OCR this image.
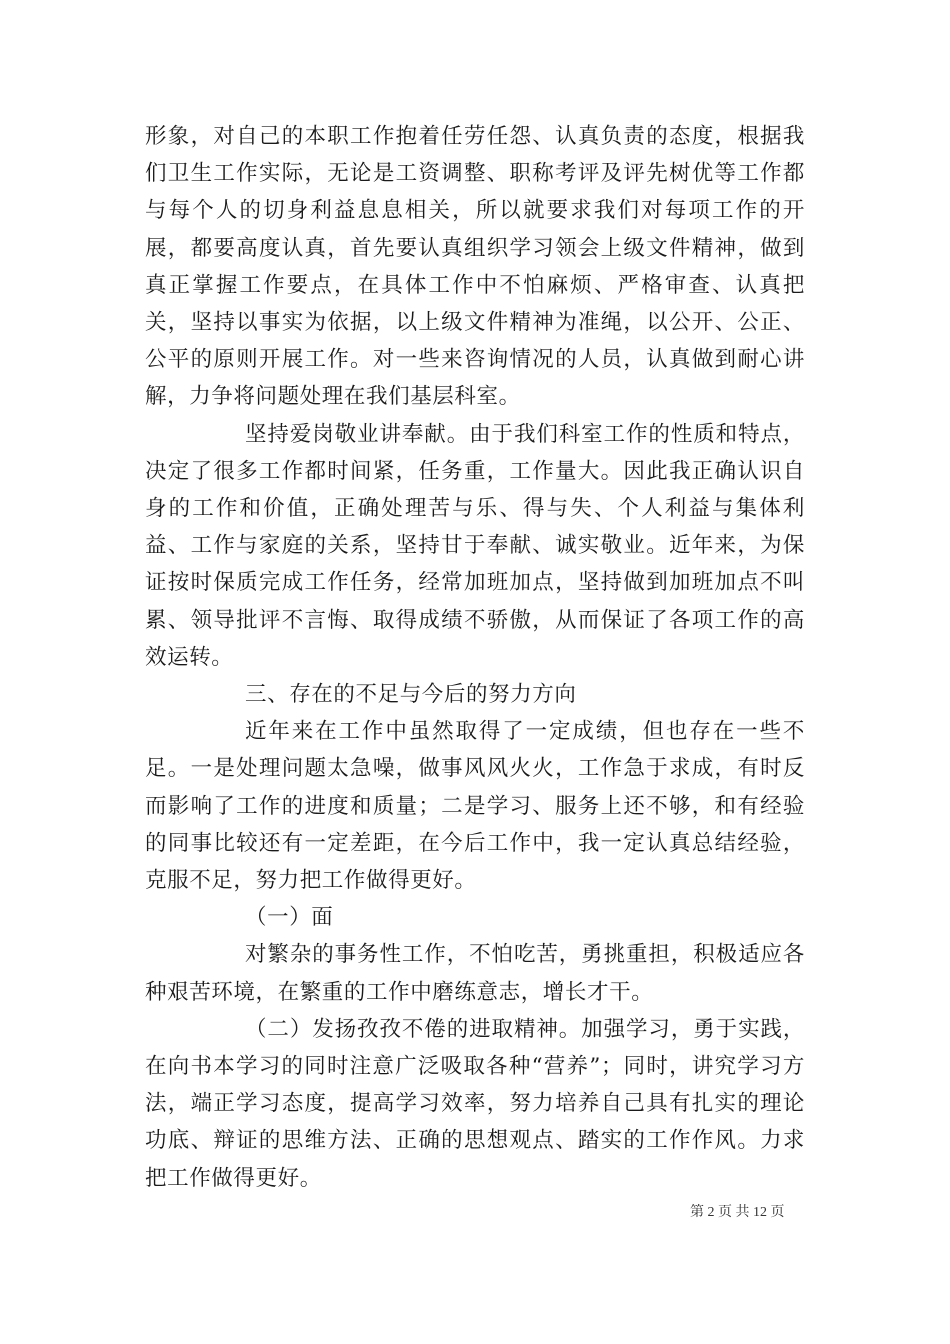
形象，对自己的本职工作抱着任劳任怨、认真负责的态度，根据我们卫生工作实际，无论是工资调整、职称考评及评先树优等工作都与每个人的切身利益息息相关，所以就要求我们对每项工作的开展，都要高度认真，首先要认真组织学习领会上级文件精神，做到真正掌握工作要点，在具体工作中不怕麻烦、严格审查、认真把关，坚持以事实为依据，以上级文件精神为准绳，以公开、公正、公平的原则开展工作。对一些来咨询情况的人员，认真做到耐心讲解，力争将问题处理在我们基层科室。

坚持爱岗敬业讲奉献。由于我们科室工作的性质和特点，决定了很多工作都时间紧，任务重，工作量大。因此我正确认识自身的工作和价值，正确处理苦与乐、得与失、个人利益与集体利益、工作与家庭的关系，坚持甘于奉献、诚实敬业。近年来，为保证按时保质完成工作任务，经常加班加点，坚持做到加班加点不叫累、领导批评不言悔、取得成绩不骄傲，从而保证了各项工作的高效运转。

三、存在的不足与今后的努力方向

近年来在工作中虽然取得了一定成绩，但也存在一些不足。一是处理问题太急噪，做事风风火火，工作急于求成，有时反而影响了工作的进度和质量；二是学习、服务上还不够，和有经验的同事比较还有一定差距，在今后工作中，我一定认真总结经验，克服不足，努力把工作做得更好。

（一）面

对繁杂的事务性工作，不怕吃苦，勇挑重担，积极适应各种艰苦环境，在繁重的工作中磨练意志，增长才干。

（二）发扬孜孜不倦的进取精神。加强学习，勇于实践，在向书本学习的同时注意广泛吸取各种“营养”；同时，讲究学习方法，端正学习态度，提高学习效率，努力培养自己具有扎实的理论功底、辩证的思维方法、正确的思想观点、踏实的工作作风。力求把工作做得更好。

第 2 页 共 12 页
